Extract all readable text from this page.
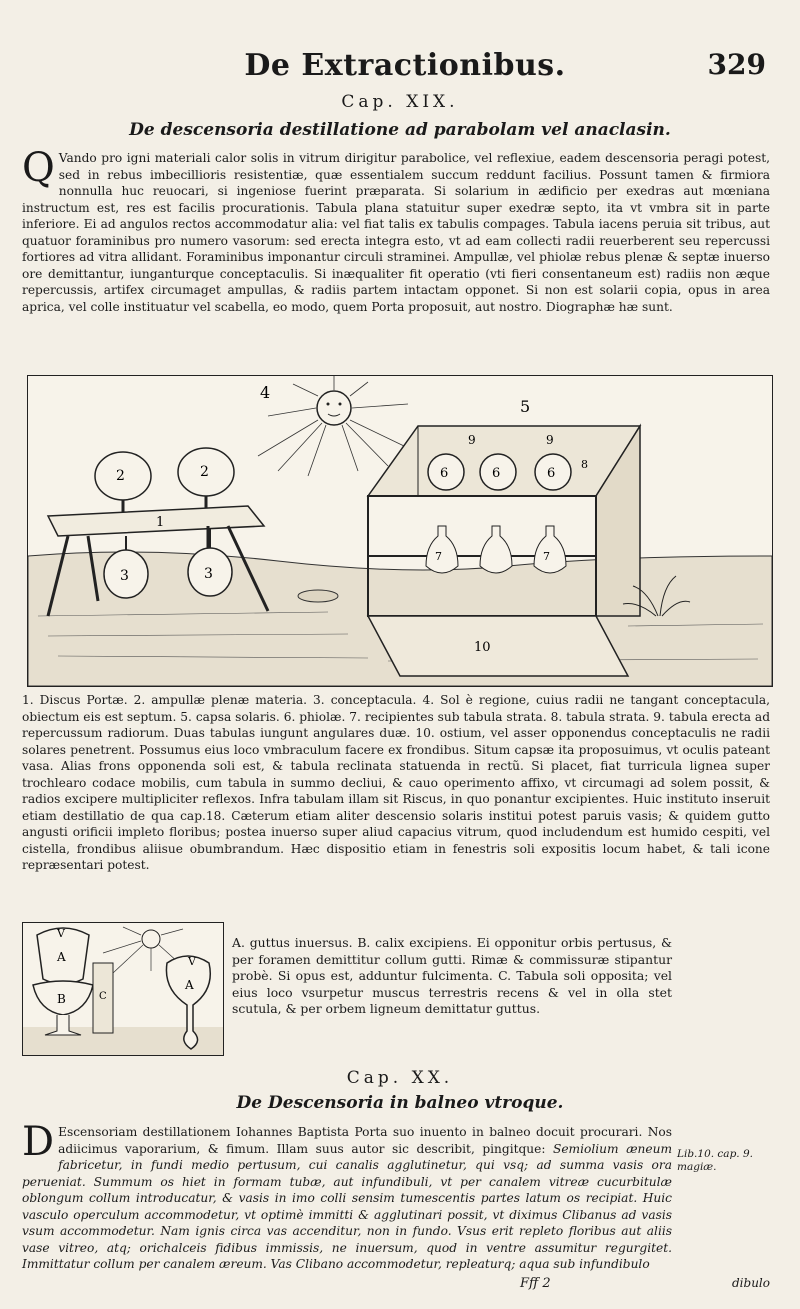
De Extractionibus.	329
Cap. XIX.
De descensoria destillatione ad parabolam vel anaclasin.
Q Vando pro igni materiali calor solis in vitrum dirigitur parabolice, vel reflexiue, eadem descensoria peragi potest, sed in rebus imbecillioris resistentiæ, quæ essentialem succum reddunt facilius. Possunt tamen & firmiora nonnulla huc reuocari, si ingeniose fuerint præparata. Si solarium in ædificio per exedras aut mœniana instructum est, res est facilis procurationis. Tabula plana statuitur super exedræ septo, ita vt vmbra sit in parte inferiore. Ei ad angulos rectos accommodatur alia: vel fiat talis ex tabulis compages. Tabula iacens peruia sit tribus, aut quatuor foraminibus pro numero vasorum: sed erecta integra esto, vt ad eam collecti radii reuerberent seu repercussi fortiores ad vitra allidant. Foraminibus imponantur circuli straminei. Ampullæ, vel phiolæ rebus plenæ & septæ inuerso ore demittantur, iunganturque conceptaculis. Si inæqualiter fit operatio (vti fieri consentaneum est) radiis non æque repercussis, artifex circumaget ampullas, & radiis partem intactam opponet. Si non est solarii copia, opus in area aprica, vel colle instituatur vel scabella, eo modo, quem Porta proposuit, aut nostro. Diographæ hæ sunt.
4
5
2	2
1
3	3
9	9
6	6	6
8
7	7
10
1. Discus Portæ. 2. ampullæ plenæ materia. 3. conceptacula. 4. Sol è regione, cuius radii ne tangant conceptacula, obiectum eis est septum. 5. capsa solaris. 6. phiolæ. 7. recipientes sub tabula strata. 8. tabula strata. 9. tabula erecta ad repercussum radiorum. Duas tabulas iungunt angulares duæ. 10. ostium, vel asser opponendus conceptaculis ne radii solares penetrent. Possumus eius loco vmbraculum facere ex frondibus. Situm capsæ ita proposuimus, vt oculis pateant vasa. Alias frons opponenda soli est, & tabula reclinata statuenda in rectũ. Si placet, fiat turricula lignea super trochlearo codace mobilis, cum tabula in summo decliui, & cauo operimento affixo, vt circumagi ad solem possit, & radios excipere multipliciter reflexos. Infra tabulam illam sit Riscus, in quo ponantur excipientes. Huic instituto inseruit etiam destillatio de qua cap.18. Cæterum etiam aliter descensio solaris institui potest paruis vasis; & quidem gutto angusti orificii impleto floribus; postea inuerso super aliud capacius vitrum, quod includendum est humido cespiti, vel cistella, frondibus aliisue obumbrandum. Hæc dispositio etiam in fenestris soli expositis locum habet, & tali icone repræsentari potest.
V
A	V
A
B	C
A. guttus inuersus. B. calix excipiens. Ei opponitur orbis pertusus, & per foramen demittitur collum gutti. Rimæ & commissuræ stipantur probè. Si opus est, adduntur fulcimenta. C. Tabula soli opposita; vel eius loco vsurpetur muscus terrestris recens & vel in olla stet scutula, & per orbem ligneum demittatur guttus.
Cap. XX.
De Descensoria in balneo vtroque.
D Escensoriam destillationem Iohannes Baptista Porta suo inuento in balneo docuit procurari. Nos adiicimus vaporarium, & fimum. Illam suus autor sic describit, pingitque: Semiolium æneum fabricetur, in fundi medio pertusum, cui canalis agglutinetur, qui vsq; ad summa vasis ora perueniat. Summum os hiet in formam tubæ, aut infundibuli, vt per canalem vitreæ cucurbitulæ oblongum collum introducatur, & vasis in imo colli sensim tumescentis partes latum os recipiat. Huic vasculo operculum accommodetur, vt optimè immitti & agglutinari possit, vt diximus Clibanus ad vasis vsum accommodetur. Nam ignis circa vas accenditur, non in fundo. Vsus erit repleto floribus aut aliis vase vitreo, atq; orichalceis fidibus immissis, ne inuersum, quod in ventre assumitur regurgitet. Immittatur collum per canalem æreum. Vas Clibano accommodetur, repleaturq; aqua sub infundibulo
Lib.10. cap. 9. magiæ.
Fff 2	dibulo
